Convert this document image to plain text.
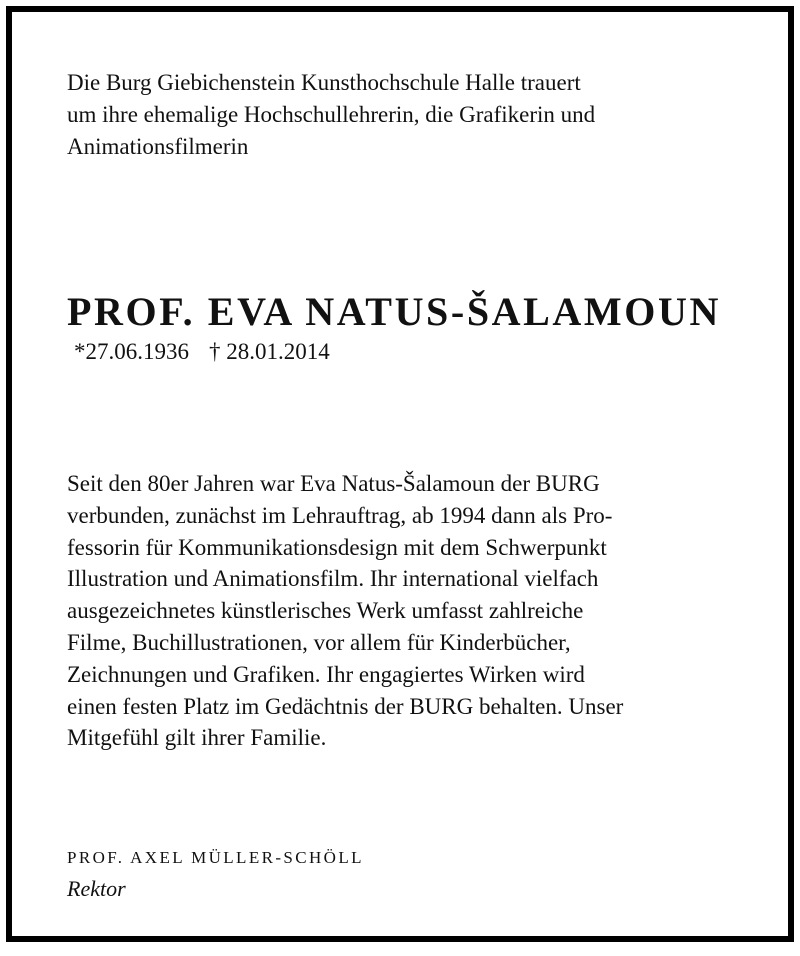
Die Burg Giebichenstein Kunsthochschule Halle trauert
um ihre ehemalige Hochschullehrerin, die Grafikerin und
Animationsfilmerin

PROF. EVA NATUS-ŠALAMOUN
*27.06.1936 † 28.01.2014

Seit den 80er Jahren war Eva Natus-Šalamoun der BURG
verbunden, zunächst im Lehrauftrag, ab 1994 dann als Pro-
fessorin für Kommunikationsdesign mit dem Schwerpunkt
Illustration und Animationsfilm. Ihr international vielfach
ausgezeichnetes künstlerisches Werk umfasst zahlreiche
Filme, Buchillustrationen, vor allem für Kinderbücher,
Zeichnungen und Grafiken. Ihr engagiertes Wirken wird
einen festen Platz im Gedächtnis der BURG behalten. Unser
Mitgefühl gilt ihrer Familie.

PROF. AXEL MÜLLER-SCHÖLL
Rektor
